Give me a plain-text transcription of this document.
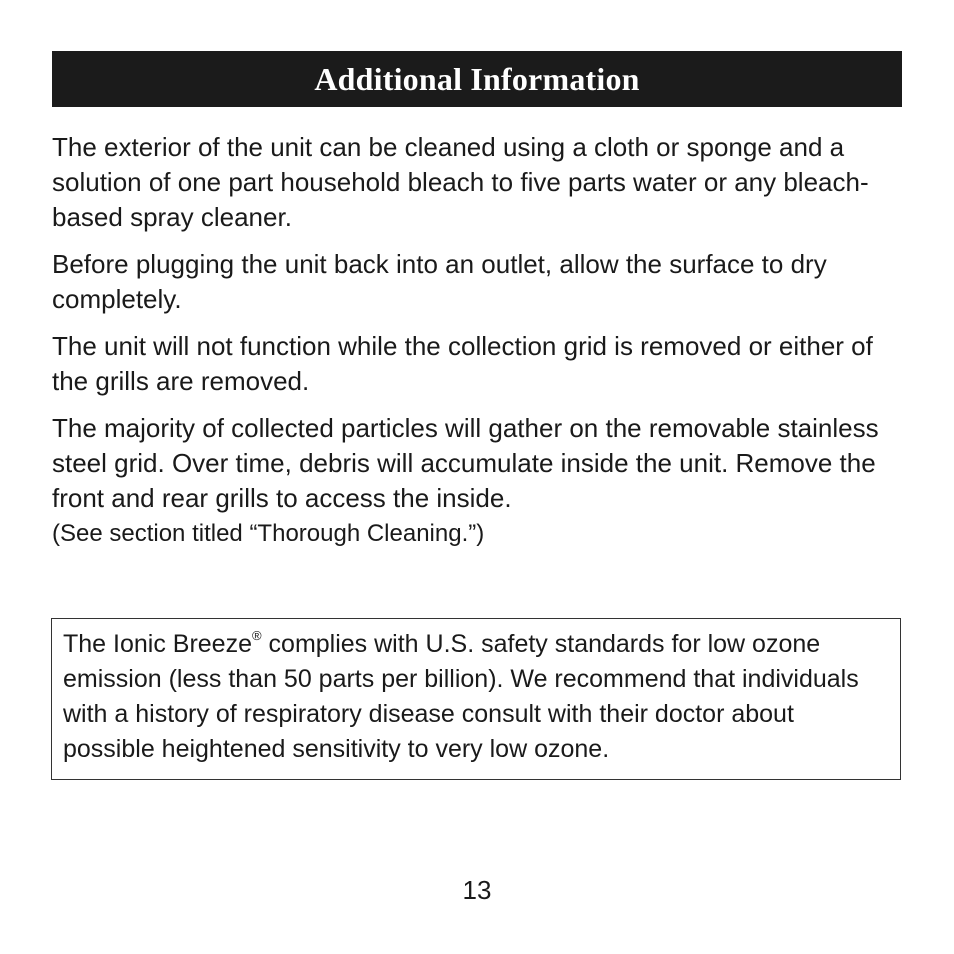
Additional Information

The exterior of the unit can be cleaned using a cloth or sponge and a solution of one part household bleach to five parts water or any bleach-based spray cleaner.

Before plugging the unit back into an outlet, allow the surface to dry completely.

The unit will not function while the collection grid is removed or either of the grills are removed.

The majority of collected particles will gather on the removable stainless steel grid. Over time, debris will accumulate inside the unit. Remove the front and rear grills to access the inside.
(See section titled “Thorough Cleaning.”)

The Ionic Breeze® complies with U.S. safety standards for low ozone emission (less than 50 parts per billion). We recommend that individuals with a history of respiratory disease consult with their doctor about possible heightened sensitivity to very low ozone.

13
